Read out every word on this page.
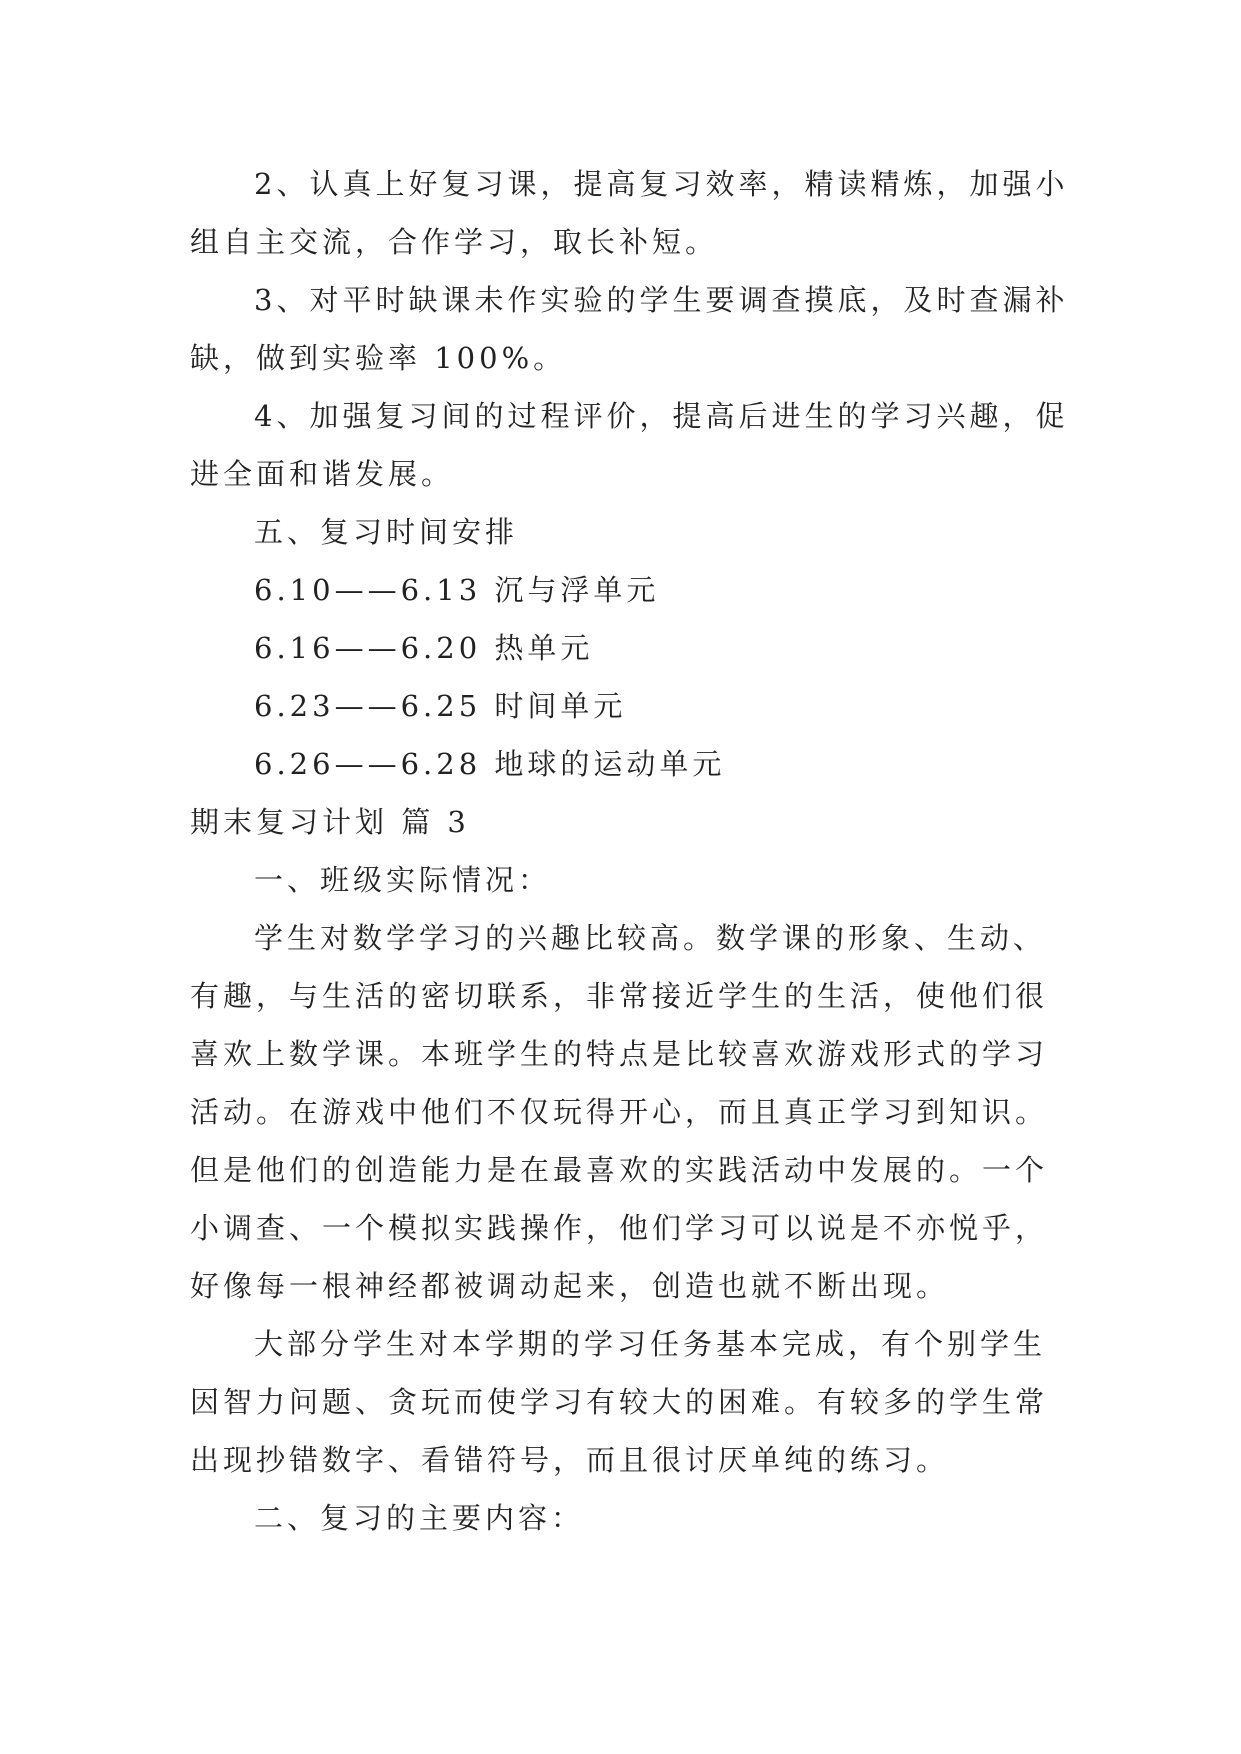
2、认真上好复习课，提高复习效率，精读精炼，加强小组自主交流，合作学习，取长补短。

3、对平时缺课未作实验的学生要调查摸底，及时查漏补缺，做到实验率 100%。

4、加强复习间的过程评价，提高后进生的学习兴趣，促进全面和谐发展。

五、复习时间安排

6.10——6.13 沉与浮单元

6.16——6.20 热单元

6.23——6.25 时间单元

6.26——6.28 地球的运动单元

期末复习计划 篇 3

一、班级实际情况：

学生对数学学习的兴趣比较高。数学课的形象、生动、有趣，与生活的密切联系，非常接近学生的生活，使他们很喜欢上数学课。本班学生的特点是比较喜欢游戏形式的学习活动。在游戏中他们不仅玩得开心，而且真正学习到知识。但是他们的创造能力是在最喜欢的实践活动中发展的。一个小调查、一个模拟实践操作，他们学习可以说是不亦悦乎，好像每一根神经都被调动起来，创造也就不断出现。

大部分学生对本学期的学习任务基本完成，有个别学生因智力问题、贪玩而使学习有较大的困难。有较多的学生常出现抄错数字、看错符号，而且很讨厌单纯的练习。

二、复习的主要内容：
